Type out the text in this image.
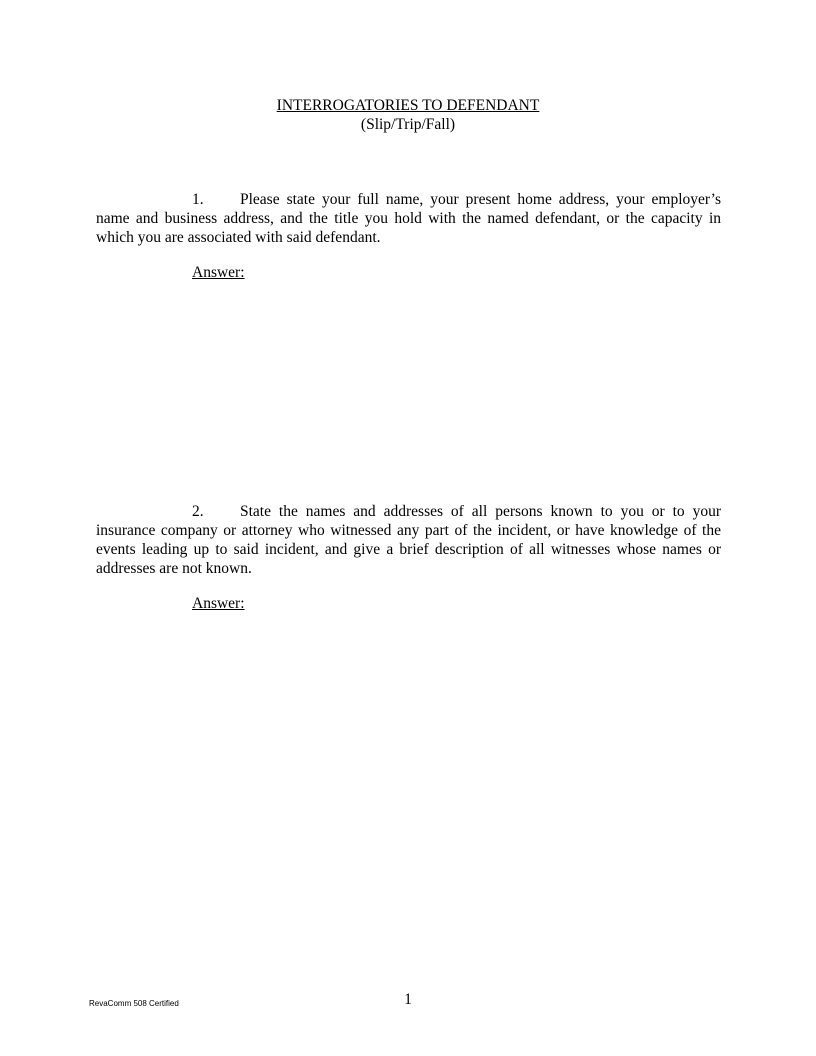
INTERROGATORIES TO DEFENDANT
(Slip/Trip/Fall)
1. Please state your full name, your present home address, your employer’s name and business address, and the title you hold with the named defendant, or the capacity in which you are associated with said defendant.
Answer:
2. State the names and addresses of all persons known to you or to your insurance company or attorney who witnessed any part of the incident, or have knowledge of the events leading up to said incident, and give a brief description of all witnesses whose names or addresses are not known.
Answer:
RevaComm 508 Certified	1
